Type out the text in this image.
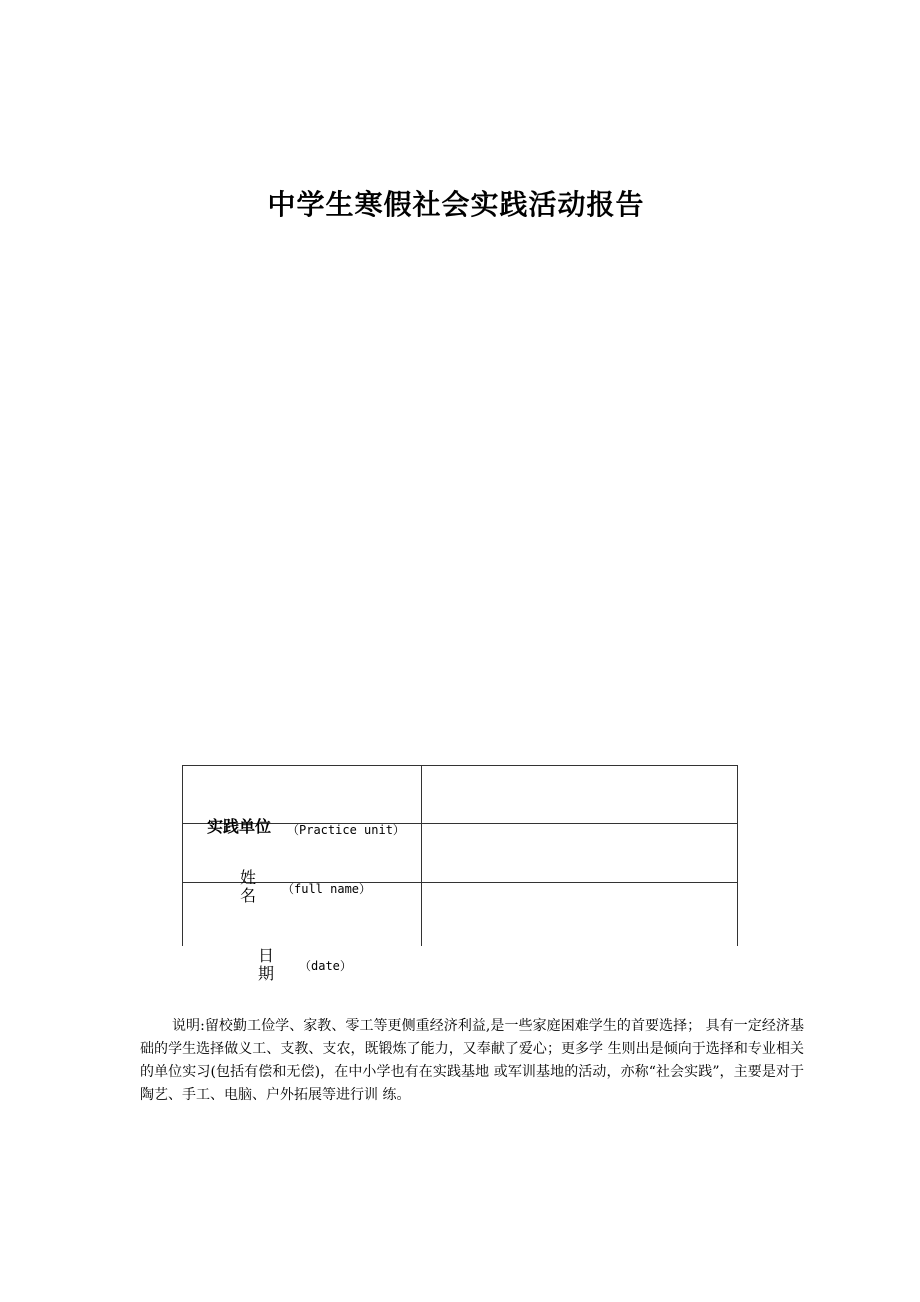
中学生寒假社会实践活动报告
实践单位 （Practice unit）	

姓
名 （full name）	

日
期 （date）	

说明:留校勤工俭学、家教、零工等更侧重经济利益,是一些家庭困难学生的首要选择； 具有一定经济基础的学生选择做义工、支教、支农，既锻炼了能力，又奉献了爱心；更多学 生则出是倾向于选择和专业相关的单位实习(包括有偿和无偿)，在中小学也有在实践基地 或军训基地的活动，亦称“社会实践”，主要是对于陶艺、手工、电脑、户外拓展等进行训 练。
